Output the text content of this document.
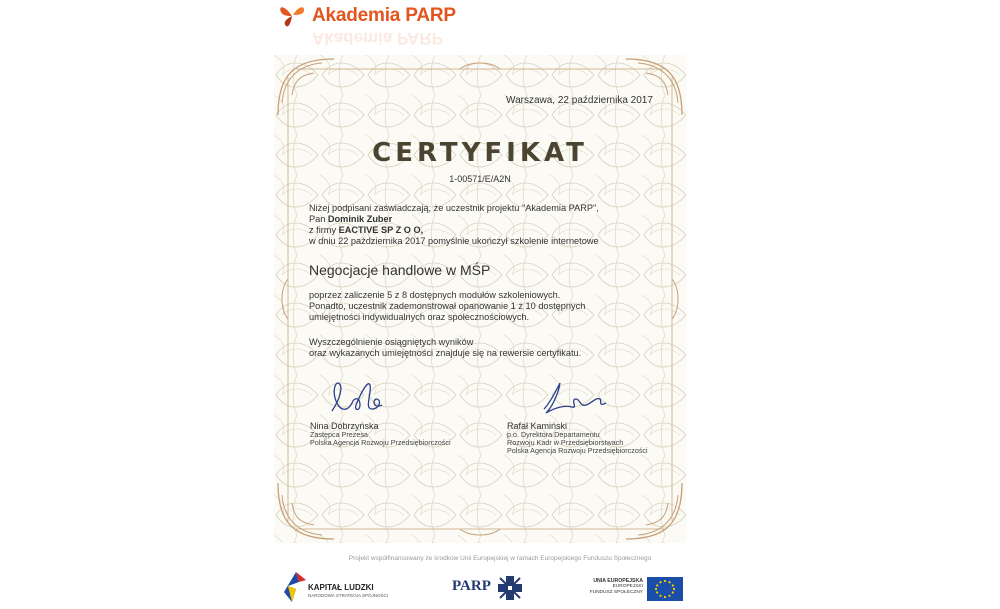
Akademia PARP
Akademia PARP
Warszawa, 22 października 2017
CERTYFIKAT
1-00571/E/A2N
Niżej podpisani zaświadczają, że uczestnik projektu "Akademia PARP",
Pan Dominik Zuber
z firmy EACTIVE SP Z O O,
w dniu 22 października 2017 pomyślnie ukończył szkolenie internetowe
Negocjacje handlowe w MŚP
poprzez zaliczenie 5 z 8 dostępnych modułów szkoleniowych.
Ponadto, uczestnik zademonstrował opanowanie 1 z 10 dostępnych
umiejętności indywidualnych oraz społecznościowych.
Wyszczególnienie osiągniętych wyników
oraz wykazanych umiejętności znajduje się na rewersie certyfikatu.
Nina Dobrzyńska
Zastępca Prezesa
Polska Agencja Rozwoju Przedsiębiorczości
Rafał Kamiński
p.o. Dyrektora Departamentu
Rozwoju Kadr w Przedsiębiorstwach
Polska Agencja Rozwoju Przedsiębiorczości
Projekt współfinansowany ze środków Unii Europejskiej w ramach Europejskiego Funduszu Społecznego
KAPITAŁ LUDZKI
NARODOWA STRATEGIA SPÓJNOŚCI
PARP	UNIA EUROPEJSKA
EUROPEJSKI
FUNDUSZ SPOŁECZNY
